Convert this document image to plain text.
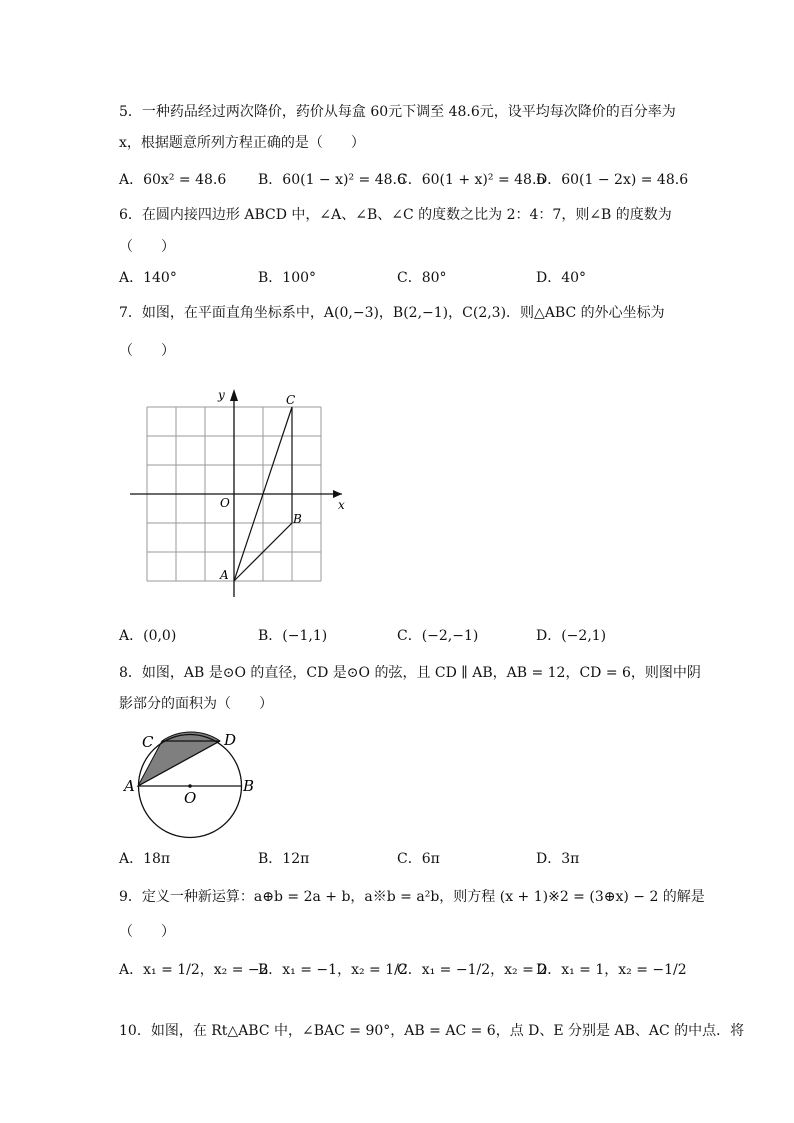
5．一种药品经过两次降价，药价从每盒 60元下调至 48.6元，设平均每次降价的百分率为
x，根据题意所列方程正确的是（　　）
A．60x² = 48.6 B．60(1 − x)² = 48.6
C．60(1 + x)² = 48.6
D．60(1 − 2x) = 48.6
6．在圆内接四边形 ABCD 中，∠A、∠B、∠C 的度数之比为 2：4：7，则∠B 的度数为
（　　）
A．140°	B．100°	C．80°	D．40°
7．如图，在平面直角坐标系中，A(0,−3)，B(2,−1)，C(2,3)．则△ABC 的外心坐标为
（　　）
y
x
O
A
B
C
A．(0,0)	B．(−1,1)	C．(−2,−1)	D．(−2,1)
8．如图，AB 是⊙O 的直径，CD 是⊙O 的弦，且 CD ∥ AB，AB = 12，CD = 6，则图中阴
影部分的面积为（　　）
A	B
C	D
O
A．18π	B．12π	C．6π	D．3π
9．定义一种新运算：a⊕b = 2a + b，a※b = a²b，则方程 (x + 1)※2 = (3⊕x) − 2 的解是
（　　）
A．x₁ = 1/2，x₂ = −2
B．x₁ = −1，x₂ = 1/2
C．x₁ = −1/2，x₂ = 2
D．x₁ = 1，x₂ = −1/2
10．如图，在 Rt△ABC 中，∠BAC = 90°，AB = AC = 6，点 D、E 分别是 AB、AC 的中点．将
